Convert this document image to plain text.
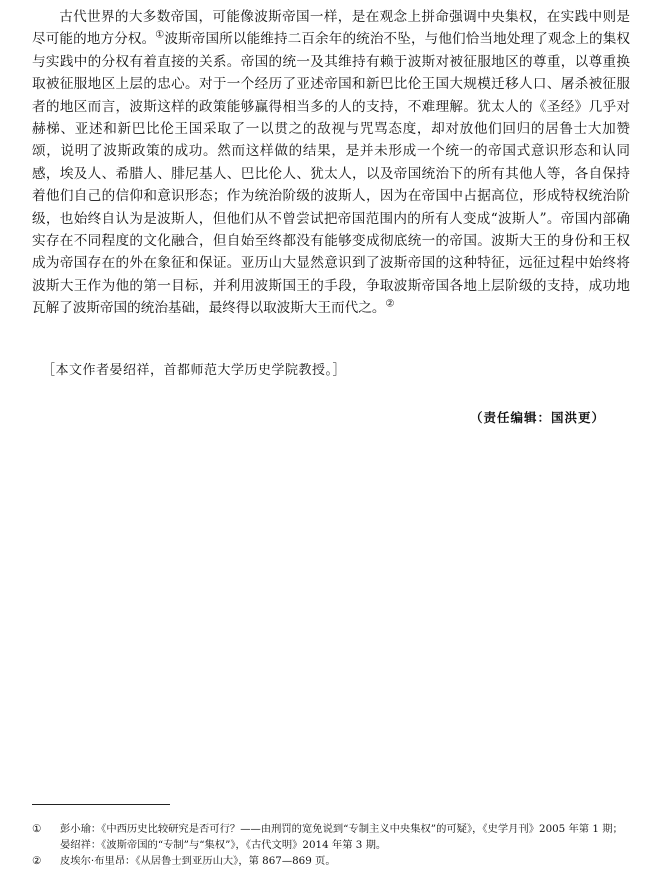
古代世界的大多数帝国，可能像波斯帝国一样，是在观念上拼命强调中央集权，在实践中则是尽可能的地方分权。①波斯帝国所以能维持二百余年的统治不坠，与他们恰当地处理了观念上的集权与实践中的分权有着直接的关系。帝国的统一及其维持有赖于波斯对被征服地区的尊重，以尊重换取被征服地区上层的忠心。对于一个经历了亚述帝国和新巴比伦王国大规模迁移人口、屠杀被征服者的地区而言，波斯这样的政策能够赢得相当多的人的支持，不难理解。犹太人的《圣经》几乎对赫梯、亚述和新巴比伦王国采取了一以贯之的敌视与咒骂态度，却对放他们回归的居鲁士大加赞颂，说明了波斯政策的成功。然而这样做的结果，是并未形成一个统一的帝国式意识形态和认同感，埃及人、希腊人、腓尼基人、巴比伦人、犹太人，以及帝国统治下的所有其他人等，各自保持着他们自己的信仰和意识形态；作为统治阶级的波斯人，因为在帝国中占据高位，形成特权统治阶级，也始终自认为是波斯人，但他们从不曾尝试把帝国范围内的所有人变成“波斯人”。帝国内部确实存在不同程度的文化融合，但自始至终都没有能够变成彻底统一的帝国。波斯大王的身份和王权成为帝国存在的外在象征和保证。亚历山大显然意识到了波斯帝国的这种特征，远征过程中始终将波斯大王作为他的第一目标，并利用波斯国王的手段，争取波斯帝国各地上层阶级的支持，成功地瓦解了波斯帝国的统治基础，最终得以取波斯大王而代之。②

［本文作者晏绍祥，首都师范大学历史学院教授。］

（责任编辑：国洪更）

①	彭小瑜：《中西历史比较研究是否可行？——由刑罚的宽免说到“专制主义中央集权”的可疑》，《史学月刊》2005 年第 1 期；晏绍祥：《波斯帝国的“专制”与“集权”》，《古代文明》2014 年第 3 期。
②	皮埃尔·布里昂：《从居鲁士到亚历山大》，第 867—869 页。
